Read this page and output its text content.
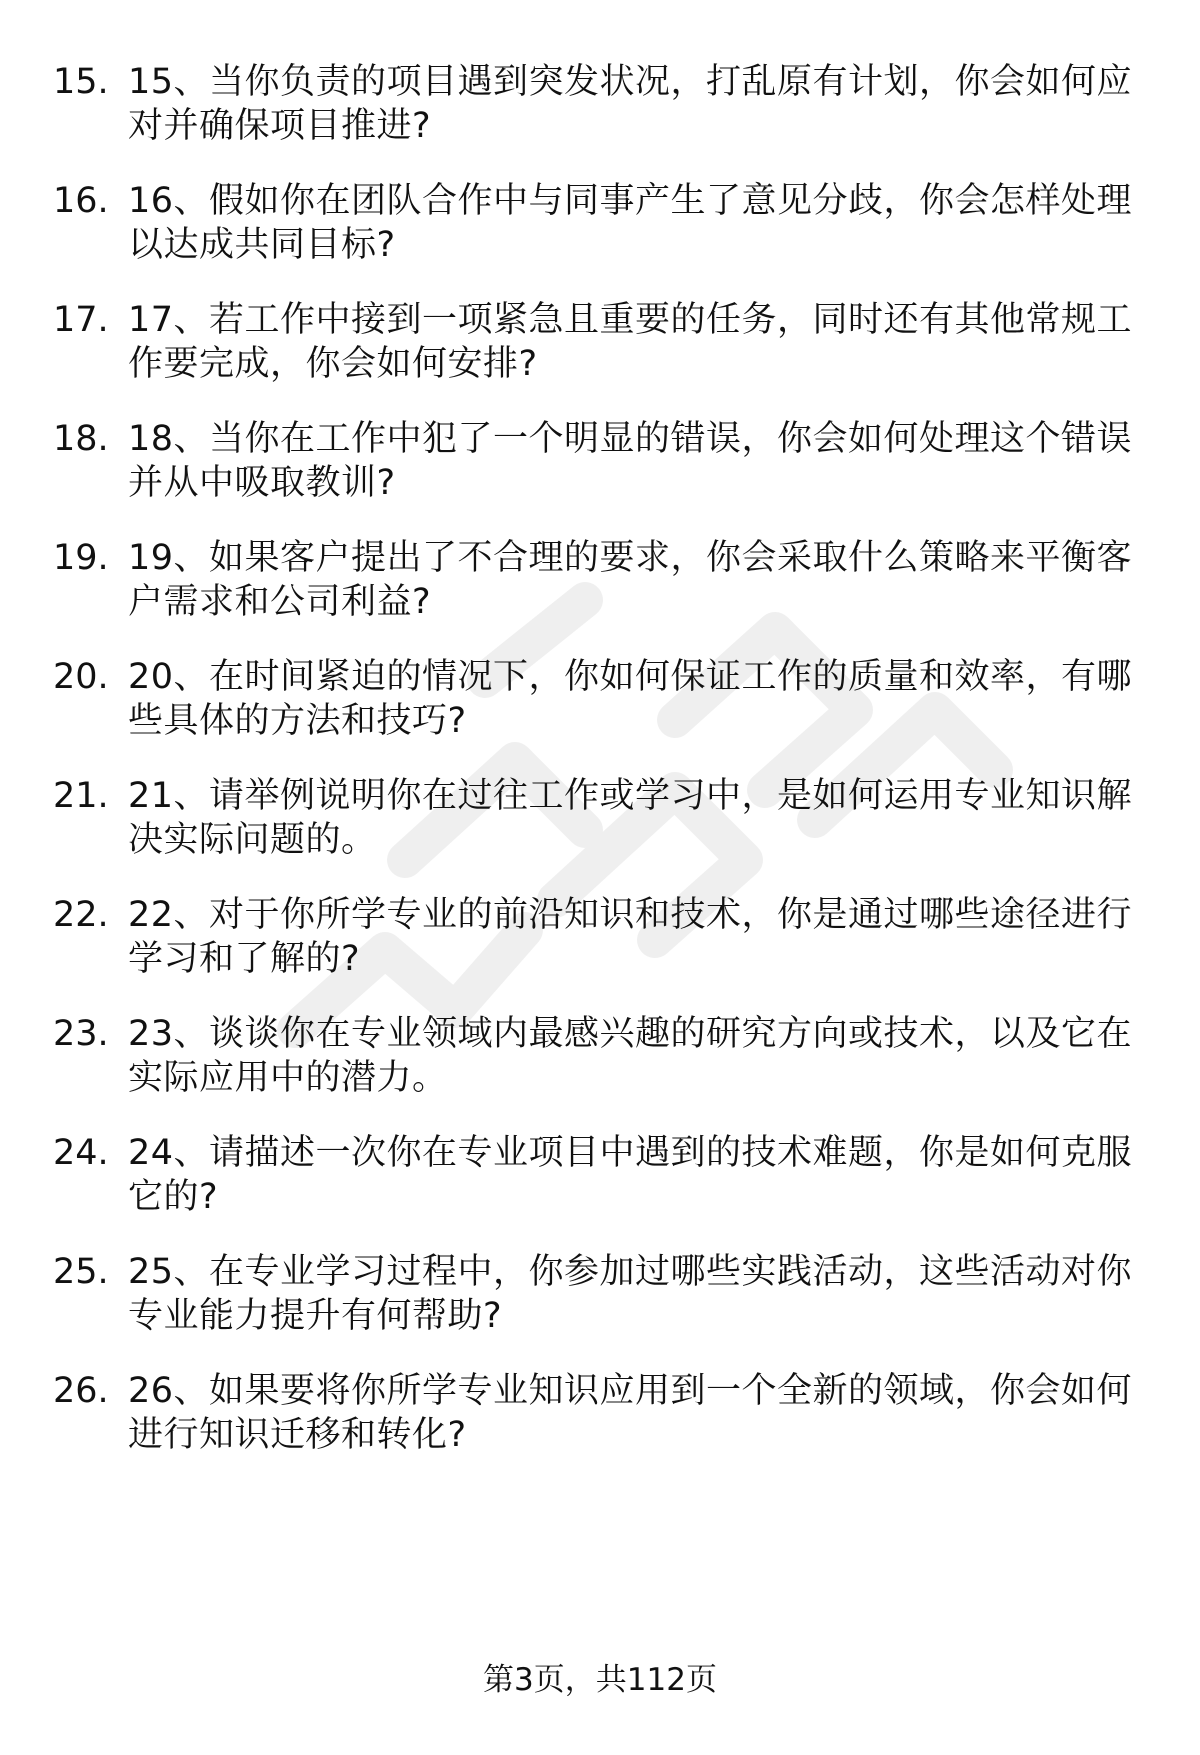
15. 15、当你负责的项目遇到突发状况，打乱原有计划，你会如何应对并确保项目推进?
16. 16、假如你在团队合作中与同事产生了意见分歧，你会怎样处理以达成共同目标?
17. 17、若工作中接到一项紧急且重要的任务，同时还有其他常规工作要完成，你会如何安排?
18. 18、当你在工作中犯了一个明显的错误，你会如何处理这个错误并从中吸取教训?
19. 19、如果客户提出了不合理的要求，你会采取什么策略来平衡客户需求和公司利益?
20. 20、在时间紧迫的情况下，你如何保证工作的质量和效率，有哪些具体的方法和技巧?
21. 21、请举例说明你在过往工作或学习中，是如何运用专业知识解决实际问题的。
22. 22、对于你所学专业的前沿知识和技术，你是通过哪些途径进行学习和了解的?
23. 23、谈谈你在专业领域内最感兴趣的研究方向或技术，以及它在实际应用中的潜力。
24. 24、请描述一次你在专业项目中遇到的技术难题，你是如何克服它的?
25. 25、在专业学习过程中，你参加过哪些实践活动，这些活动对你专业能力提升有何帮助?
26. 26、如果要将你所学专业知识应用到一个全新的领域，你会如何进行知识迁移和转化?
第3页，共112页
